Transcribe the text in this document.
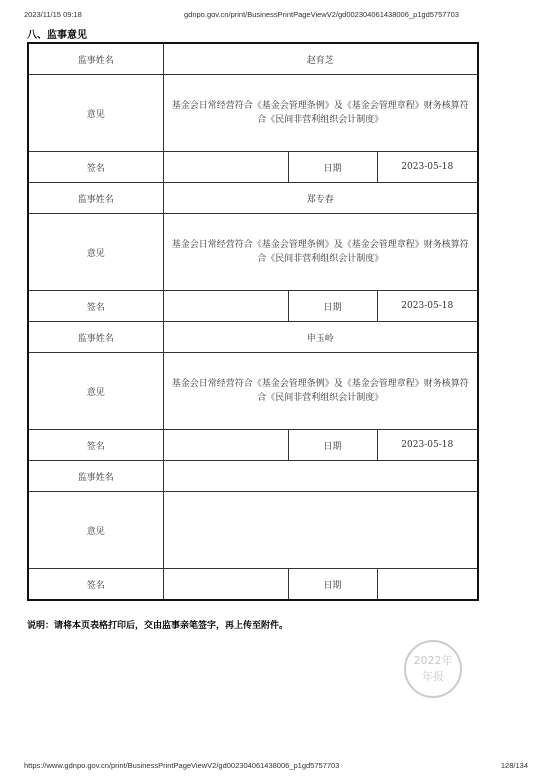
2023/11/15 09:18	gdnpo.gov.cn/print/BusinessPrintPageViewV2/gd002304061438006_p1gd5757703
八、监事意见
监事姓名	赵育芝		
意见	基金会日常经营符合《基金会管理条例》及《基金会管理章程》财务核算符合《民间非营利组织会计制度》		
签名		日期	2023-05-18
监事姓名	郑专春		
意见	基金会日常经营符合《基金会管理条例》及《基金会管理章程》财务核算符合《民间非营利组织会计制度》		
签名		日期	2023-05-18
监事姓名	申玉岭		
意见	基金会日常经营符合《基金会管理条例》及《基金会管理章程》财务核算符合《民间非营利组织会计制度》		
签名		日期	2023-05-18
监事姓名			
意见			
签名		日期	
说明：请将本页表格打印后，交由监事亲笔签字，再上传至附件。
2022年
年报
https://www.gdnpo.gov.cn/print/BusinessPrintPageViewV2/gd002304061438006_p1gd5757703	128/134
